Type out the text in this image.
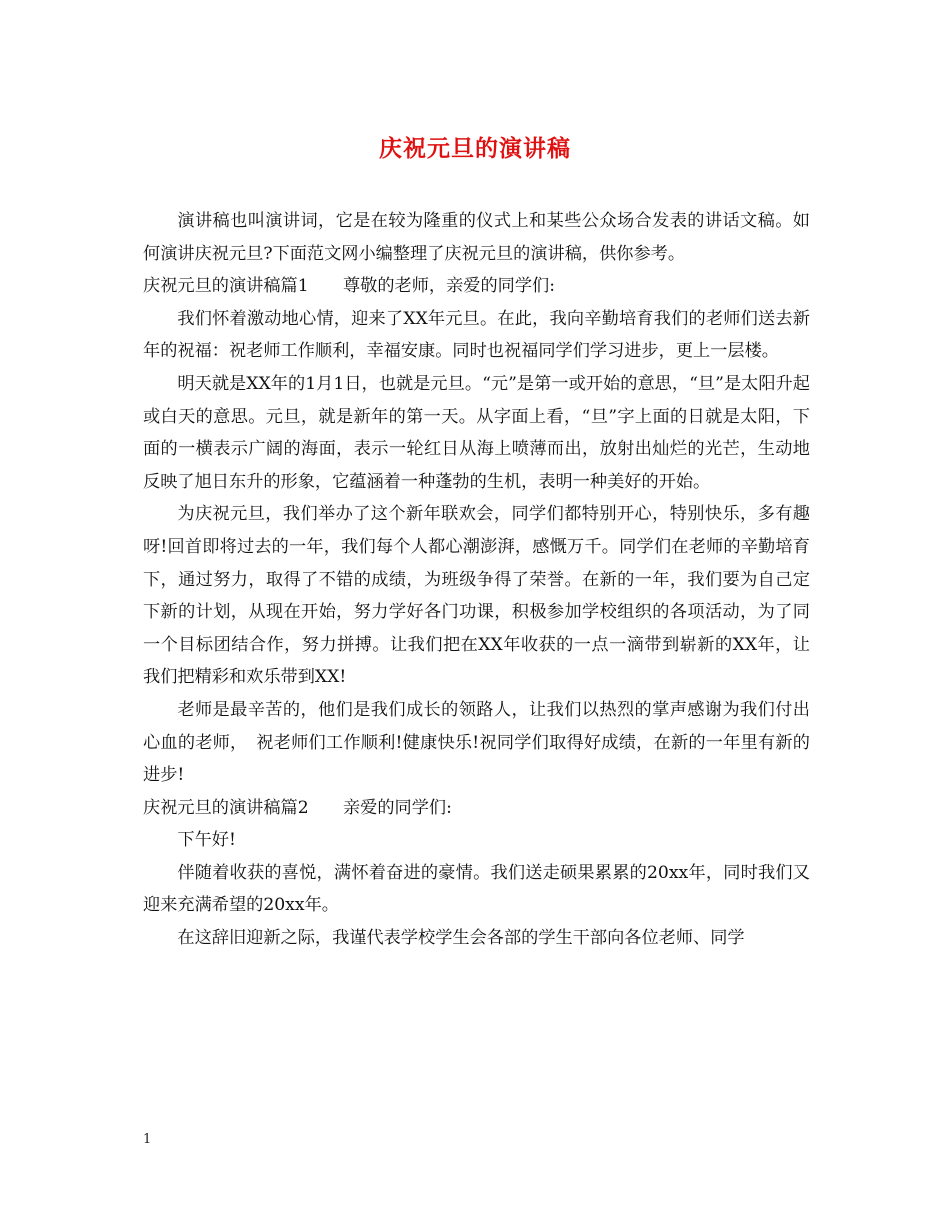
庆祝元旦的演讲稿

演讲稿也叫演讲词，它是在较为隆重的仪式上和某些公众场合发表的讲话文稿。如何演讲庆祝元旦?下面范文网小编整理了庆祝元旦的演讲稿，供你参考。

庆祝元旦的演讲稿篇1　　尊敬的老师，亲爱的同学们:

我们怀着激动地心情，迎来了XX年元旦。在此，我向辛勤培育我们的老师们送去新年的祝福：祝老师工作顺利，幸福安康。同时也祝福同学们学习进步，更上一层楼。

明天就是XX年的1月1日，也就是元旦。“元”是第一或开始的意思，“旦”是太阳升起或白天的意思。元旦，就是新年的第一天。从字面上看，“旦”字上面的日就是太阳，下面的一横表示广阔的海面，表示一轮红日从海上喷薄而出，放射出灿烂的光芒，生动地反映了旭日东升的形象，它蕴涵着一种蓬勃的生机，表明一种美好的开始。

为庆祝元旦，我们举办了这个新年联欢会，同学们都特别开心，特别快乐，多有趣呀!回首即将过去的一年，我们每个人都心潮澎湃，感慨万千。同学们在老师的辛勤培育下，通过努力，取得了不错的成绩，为班级争得了荣誉。在新的一年，我们要为自己定下新的计划，从现在开始，努力学好各门功课，积极参加学校组织的各项活动，为了同一个目标团结合作，努力拼搏。让我们把在XX年收获的一点一滴带到崭新的XX年，让我们把精彩和欢乐带到XX!

老师是最辛苦的，他们是我们成长的领路人，让我们以热烈的掌声感谢为我们付出心血的老师，　祝老师们工作顺利!健康快乐!祝同学们取得好成绩，在新的一年里有新的进步!

庆祝元旦的演讲稿篇2　　亲爱的同学们:

下午好!

伴随着收获的喜悦，满怀着奋进的豪情。我们送走硕果累累的20xx年，同时我们又迎来充满希望的20xx年。

在这辞旧迎新之际，我谨代表学校学生会各部的学生干部向各位老师、同学

1
